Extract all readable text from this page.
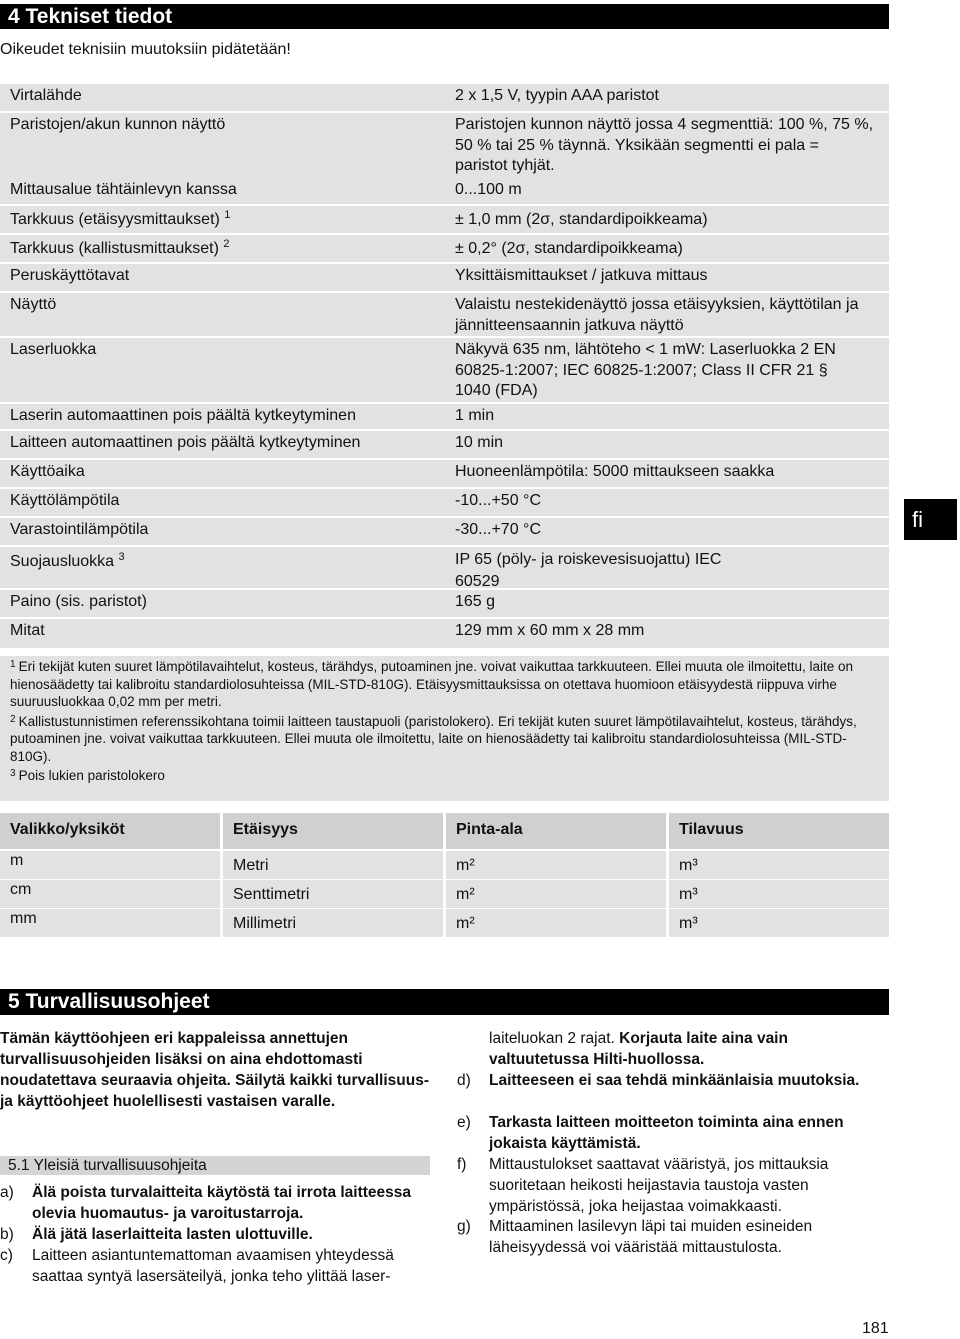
4 Tekniset tiedot
Oikeudet teknisiin muutoksiin pidätetään!
Virtalähde	2 x 1,5 V, tyypin AAA paristot
Paristojen/akun kunnon näyttö	Paristojen kunnon näyttö jossa 4 segmenttiä: 100 %, 75 %, 50 % tai 25 % täynnä. Yksikään segmentti ei pala = paristot tyhjät.
Mittausalue tähtäinlevyn kanssa	0...100 m
Tarkkuus (etäisyysmittaukset) $^1$	± 1,0 mm (2σ, standardipoikkeama)
Tarkkuus (kallistusmittaukset) $^2$	± 0,2° (2σ, standardipoikkeama)
Peruskäyttötavat	Yksittäismittaukset / jatkuva mittaus
Näyttö	Valaistu nestekidenäyttö jossa etäisyyksien, käyttötilan ja jännitteensaannin jatkuva näyttö
Laserluokka	Näkyvä 635 nm, lähtöteho < 1 mW: Laserluokka 2 EN 60825-1:2007; IEC 60825-1:2007; Class II CFR 21 § 1040 (FDA)
Laserin automaattinen pois päältä kytkeytyminen	1 min
Laitteen automaattinen pois päältä kytkeytyminen	10 min
Käyttöaika	Huoneenlämpötila: 5000 mittaukseen saakka
Käyttölämpötila	-10...+50 °C
Varastointilämpötila	-30...+70 °C
Suojausluokka $^3$	IP 65 (pöly- ja roiskevesisuojattu) IEC 60529
Paino (sis. paristot)	165 g
Mitat	129 mm x 60 mm x 28 mm
$^1$ Eri tekijät kuten suuret lämpötilavaihtelut, kosteus, tärähdys, putoaminen jne. voivat vaikuttaa tarkkuuteen. Ellei muuta ole ilmoitettu, laite on hienosäädetty tai kalibroitu standardiolosuhteissa (MIL-STD-810G). Etäisyysmittauksissa on otettava huomioon etäisyydestä riippuva virhe suuruusluokkaa 0,02 mm per metri.
$^2$ Kallistustunnistimen referenssikohtana toimii laitteen taustapuoli (paristolokero). Eri tekijät kuten suuret lämpötilavaihtelut, kosteus, tärähdys, putoaminen jne. voivat vaikuttaa tarkkuuteen. Ellei muuta ole ilmoitettu, laite on hienosäädetty tai kalibroitu standardiolosuhteissa (MIL-STD-810G).
$^3$ Pois lukien paristolokero
fi
Valikko/yksiköt	Etäisyys	Pinta-ala	Tilavuus
m	Metri	m²	m³
cm	Senttimetri	m²	m³
mm	Millimetri	m²	m³
5 Turvallisuusohjeet
Tämän käyttöohjeen eri kappaleissa annettujen turvallisuusohjeiden lisäksi on aina ehdottomasti noudatettava seuraavia ohjeita. Säilytä kaikki turvallisuus- ja käyttöohjeet huolellisesti vastaisen varalle.
5.1 Yleisiä turvallisuusohjeita
a) Älä poista turvalaitteita käytöstä tai irrota laitteessa olevia huomautus- ja varoitustarroja.
b) Älä jätä laserlaitteita lasten ulottuville.
c) Laitteen asiantuntemattoman avaamisen yhteydessä saattaa syntyä lasersäteilyä, jonka teho ylittää laser-
laiteluokan 2 rajat. Korjauta laite aina vain valtuutetussa Hilti-huollossa.
d) Laitteeseen ei saa tehdä minkäänlaisia muutoksia.
e) Tarkasta laitteen moitteeton toiminta aina ennen jokaista käyttämistä.
f) Mittaustulokset saattavat vääristyä, jos mittauksia suoritetaan heikosti heijastavia taustoja vasten ympäristössä, joka heijastaa voimakkaasti.
g) Mittaaminen lasilevyn läpi tai muiden esineiden läheisyydessä voi vääristää mittaustulosta.
181
